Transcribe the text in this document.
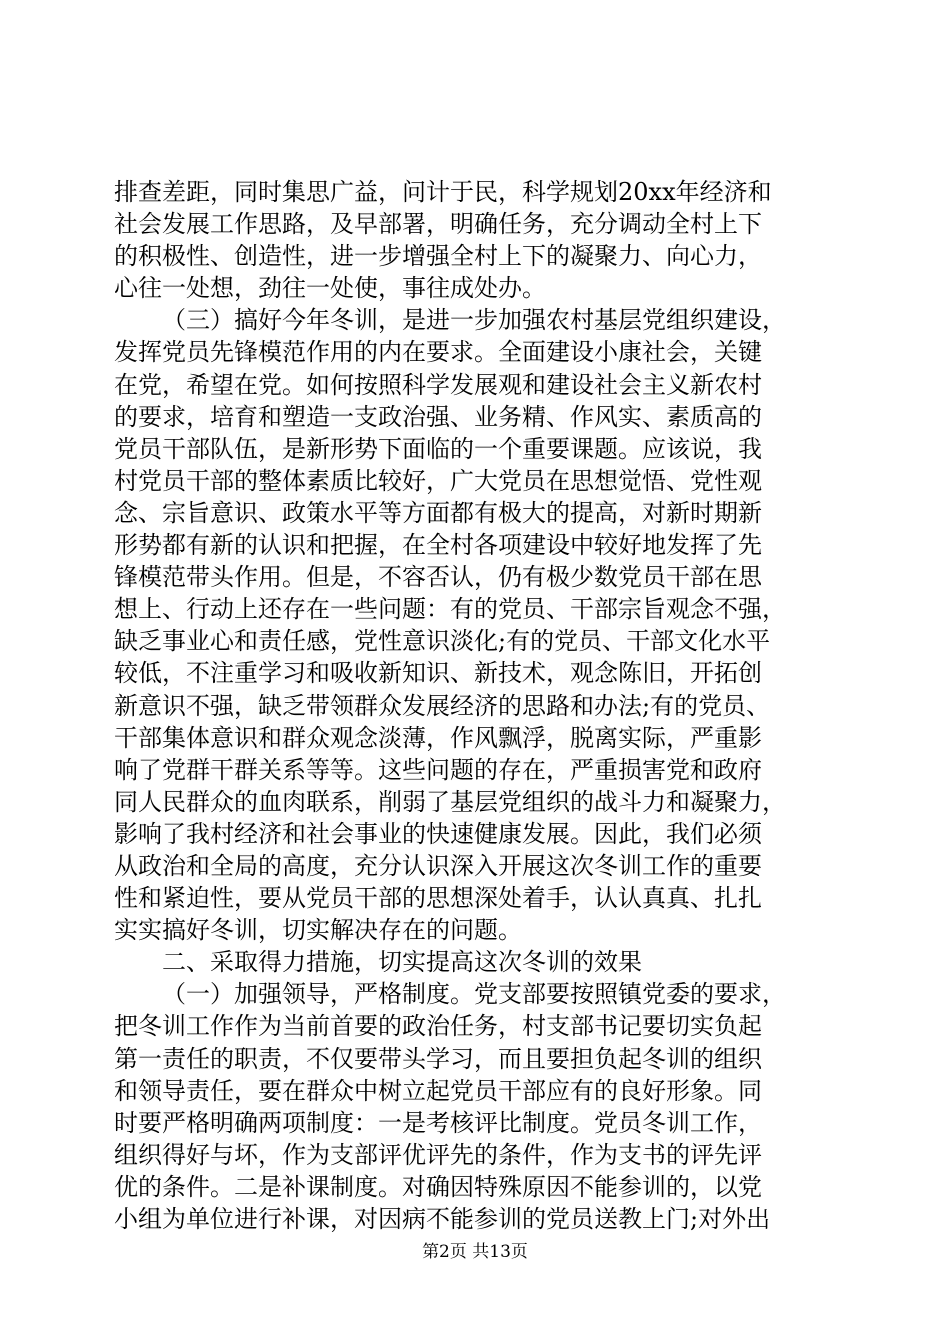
排查差距，同时集思广益，问计于民，科学规划20xx年经济和
社会发展工作思路，及早部署，明确任务，充分调动全村上下
的积极性、创造性，进一步增强全村上下的凝聚力、向心力，
心往一处想，劲往一处使，事往成处办。

（三）搞好今年冬训，是进一步加强农村基层党组织建设，
发挥党员先锋模范作用的内在要求。全面建设小康社会，关键
在党，希望在党。如何按照科学发展观和建设社会主义新农村
的要求，培育和塑造一支政治强、业务精、作风实、素质高的
党员干部队伍，是新形势下面临的一个重要课题。应该说，我
村党员干部的整体素质比较好，广大党员在思想觉悟、党性观
念、宗旨意识、政策水平等方面都有极大的提高，对新时期新
形势都有新的认识和把握，在全村各项建设中较好地发挥了先
锋模范带头作用。但是，不容否认，仍有极少数党员干部在思
想上、行动上还存在一些问题：有的党员、干部宗旨观念不强，
缺乏事业心和责任感，党性意识淡化;有的党员、干部文化水平
较低，不注重学习和吸收新知识、新技术，观念陈旧，开拓创
新意识不强，缺乏带领群众发展经济的思路和办法;有的党员、
干部集体意识和群众观念淡薄，作风飘浮，脱离实际，严重影
响了党群干群关系等等。这些问题的存在，严重损害党和政府
同人民群众的血肉联系，削弱了基层党组织的战斗力和凝聚力，
影响了我村经济和社会事业的快速健康发展。因此，我们必须
从政治和全局的高度，充分认识深入开展这次冬训工作的重要
性和紧迫性，要从党员干部的思想深处着手，认认真真、扎扎
实实搞好冬训，切实解决存在的问题。

二、采取得力措施，切实提高这次冬训的效果

（一）加强领导，严格制度。党支部要按照镇党委的要求，
把冬训工作作为当前首要的政治任务，村支部书记要切实负起
第一责任的职责，不仅要带头学习，而且要担负起冬训的组织
和领导责任，要在群众中树立起党员干部应有的良好形象。同
时要严格明确两项制度：一是考核评比制度。党员冬训工作，
组织得好与坏，作为支部评优评先的条件，作为支书的评先评
优的条件。二是补课制度。对确因特殊原因不能参训的，以党
小组为单位进行补课，对因病不能参训的党员送教上门;对外出

第2页 共13页
